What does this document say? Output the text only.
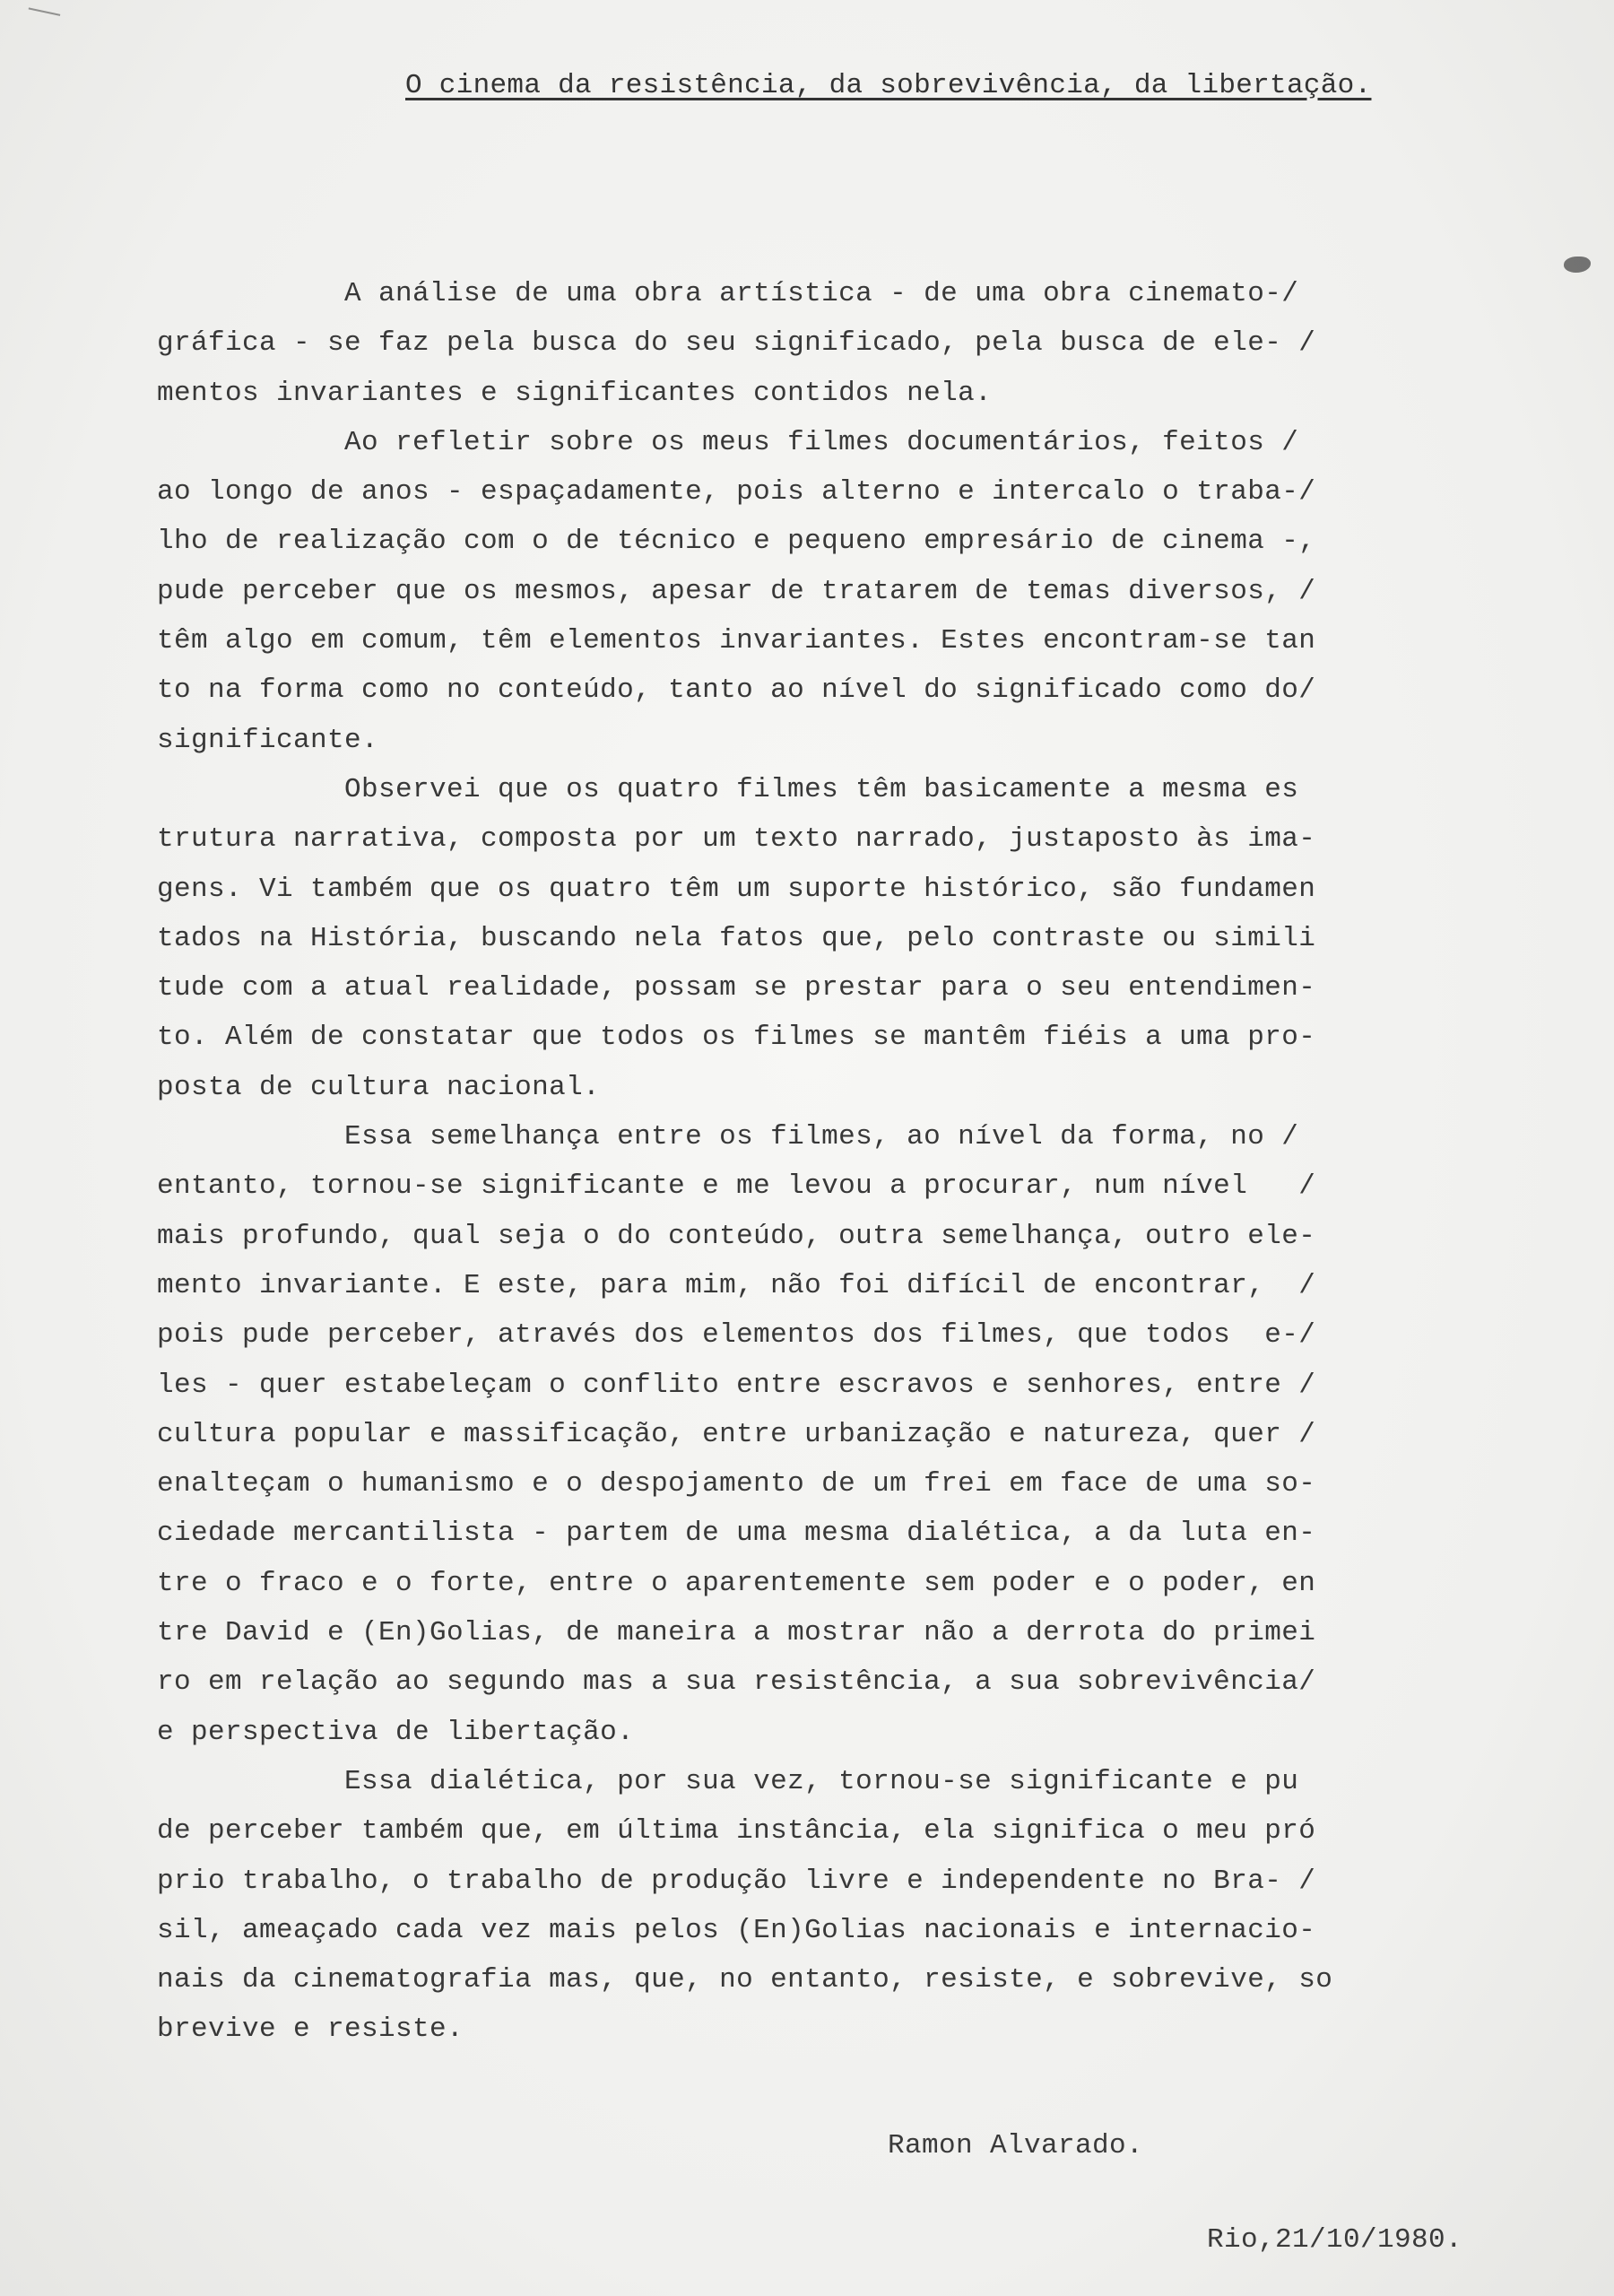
O cinema da resistência, da sobrevivência, da libertação.
A análise de uma obra artística - de uma obra cinemato-/
gráfica - se faz pela busca do seu significado, pela busca de ele- /
mentos invariantes e significantes contidos nela.
Ao refletir sobre os meus filmes documentários, feitos /
ao longo de anos - espaçadamente, pois alterno e intercalo o traba-/
lho de realização com o de técnico e pequeno empresário de cinema -,
pude perceber que os mesmos, apesar de tratarem de temas diversos, /
têm algo em comum, têm elementos invariantes. Estes encontram-se tan
to na forma como no conteúdo, tanto ao nível do significado como do/
significante.
Observei que os quatro filmes têm basicamente a mesma es
trutura narrativa, composta por um texto narrado, justaposto às ima-
gens. Vi também que os quatro têm um suporte histórico, são fundamen
tados na História, buscando nela fatos que, pelo contraste ou simili
tude com a atual realidade, possam se prestar para o seu entendimen-
to. Além de constatar que todos os filmes se mantêm fiéis a uma pro-
posta de cultura nacional.
Essa semelhança entre os filmes, ao nível da forma, no /
entanto, tornou-se significante e me levou a procurar, num nível   /
mais profundo, qual seja o do conteúdo, outra semelhança, outro ele-
mento invariante. E este, para mim, não foi difícil de encontrar,  /
pois pude perceber, através dos elementos dos filmes, que todos  e-/
les - quer estabeleçam o conflito entre escravos e senhores, entre /
cultura popular e massificação, entre urbanização e natureza, quer /
enalteçam o humanismo e o despojamento de um frei em face de uma so-
ciedade mercantilista - partem de uma mesma dialética, a da luta en-
tre o fraco e o forte, entre o aparentemente sem poder e o poder, en
tre David e (En)Golias, de maneira a mostrar não a derrota do primei
ro em relação ao segundo mas a sua resistência, a sua sobrevivência/
e perspectiva de libertação.
Essa dialética, por sua vez, tornou-se significante e pu
de perceber também que, em última instância, ela significa o meu pró
prio trabalho, o trabalho de produção livre e independente no Bra- /
sil, ameaçado cada vez mais pelos (En)Golias nacionais e internacio-
nais da cinematografia mas, que, no entanto, resiste, e sobrevive, so
brevive e resiste.
Ramon Alvarado.
Rio,21/10/1980.
